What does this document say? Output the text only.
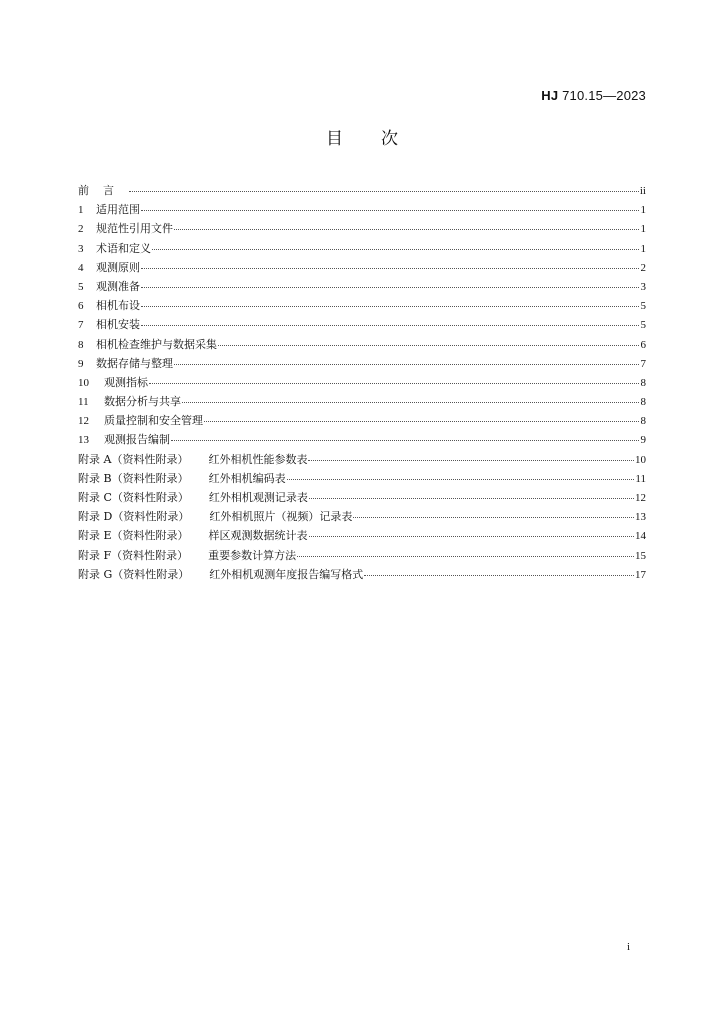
HJ 710.15—2023
目次
前言	ii
1	适用范围	1
2	规范性引用文件	1
3	术语和定义	1
4	观测原则	2
5	观测准备	3
6	相机布设	5
7	相机安装	5
8	相机检查维护与数据采集	6
9	数据存储与整理	7
10	观测指标	8
11	数据分析与共享	8
12	质量控制和安全管理	8
13	观测报告编制	9
附录 A（资料性附录） 红外相机性能参数表	10
附录 B（资料性附录） 红外相机编码表	11
附录 C（资料性附录） 红外相机观测记录表	12
附录 D（资料性附录） 红外相机照片（视频）记录表	13
附录 E（资料性附录） 样区观测数据统计表	14
附录 F（资料性附录） 重要参数计算方法	15
附录 G（资料性附录） 红外相机观测年度报告编写格式	17
i
